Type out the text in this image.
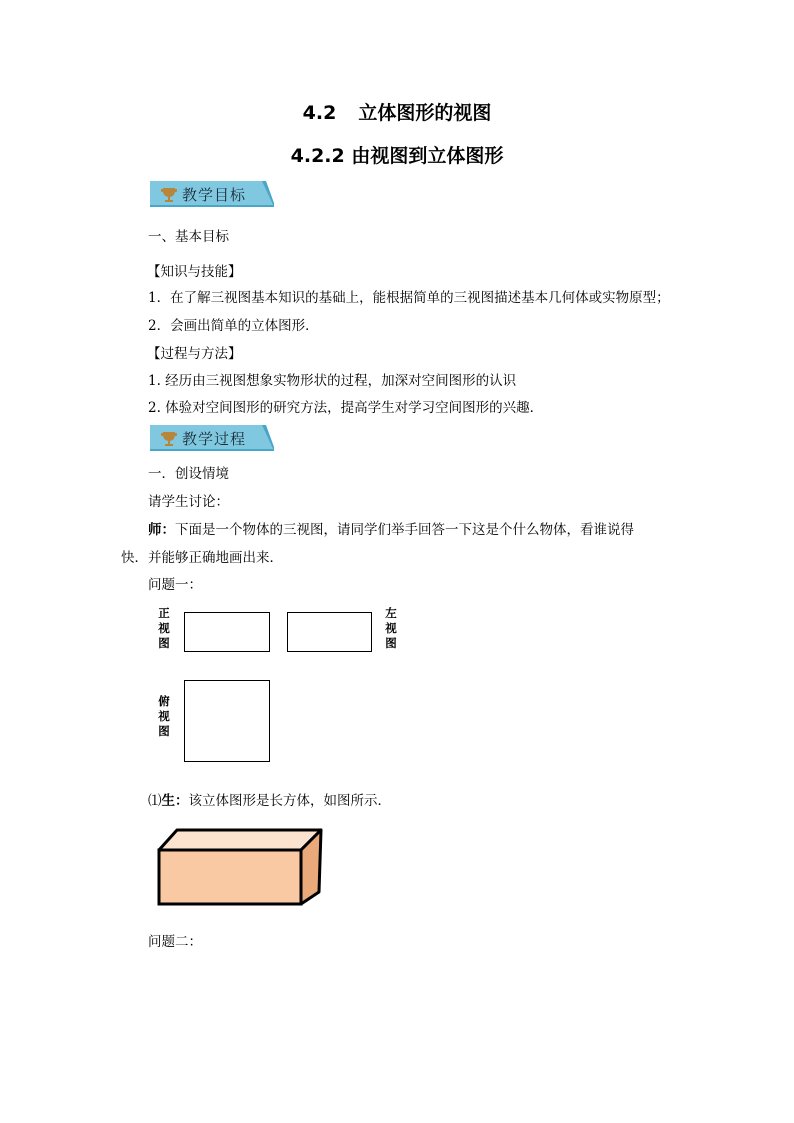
4.2 立体图形的视图
4.2.2 由视图到立体图形
教学目标
一、基本目标
【知识与技能】
1．在了解三视图基本知识的基础上，能根据简单的三视图描述基本几何体或实物原型；
2．会画出简单的立体图形．
【过程与方法】
1. 经历由三视图想象实物形状的过程，加深对空间图形的认识
2. 体验对空间图形的研究方法，提高学生对学习空间图形的兴趣．
教学过程
一．创设情境
请学生讨论：
师：下面是一个物体的三视图，请同学们举手回答一下这是个什么物体，看谁说得
快．并能够正确地画出来．
问题一：
正
视
图
左
视
图
俯
视
图
⑴生：该立体图形是长方体，如图所示．
问题二：
